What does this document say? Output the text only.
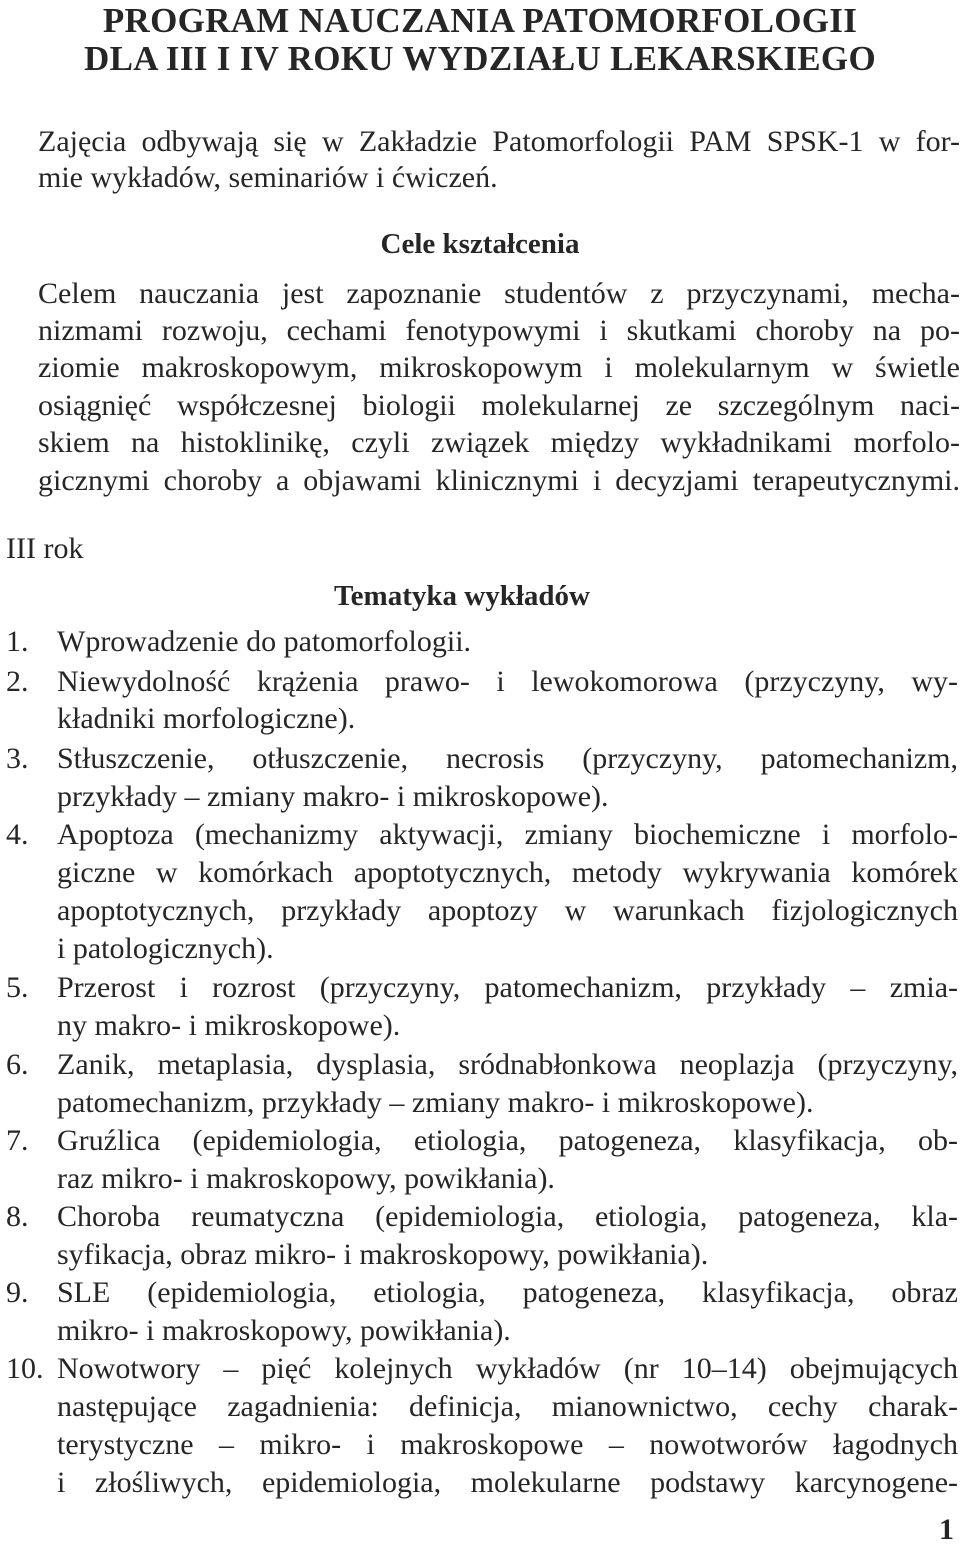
PROGRAM NAUCZANIA PATOMORFOLOGII
DLA III I IV ROKU WYDZIAŁU LEKARSKIEGO
Zajęcia odbywają się w Zakładzie Patomorfologii PAM SPSK-1 w for-
mie wykładów, seminariów i ćwiczeń.
Cele kształcenia
Celem nauczania jest zapoznanie studentów z przyczynami, mecha-
nizmami rozwoju, cechami fenotypowymi i skutkami choroby na po-
ziomie makroskopowym, mikroskopowym i molekularnym w świetle
osiągnięć współczesnej biologii molekularnej ze szczególnym naci-
skiem na histoklinikę, czyli związek między wykładnikami morfolo-
gicznymi choroby a objawami klinicznymi i decyzjami terapeutycznymi.
III rok
Tematyka wykładów
1. Wprowadzenie do patomorfologii.
2. Niewydolność krążenia prawo- i lewokomorowa (przyczyny, wy-
kładniki morfologiczne).
3. Stłuszczenie, otłuszczenie, necrosis (przyczyny, patomechanizm,
przykłady – zmiany makro- i mikroskopowe).
4. Apoptoza (mechanizmy aktywacji, zmiany biochemiczne i morfolo-
giczne w komórkach apoptotycznych, metody wykrywania komórek
apoptotycznych, przykłady apoptozy w warunkach fizjologicznych
i patologicznych).
5. Przerost i rozrost (przyczyny, patomechanizm, przykłady – zmia-
ny makro- i mikroskopowe).
6. Zanik, metaplasia, dysplasia, sródnabłonkowa neoplazja (przyczyny,
patomechanizm, przykłady – zmiany makro- i mikroskopowe).
7. Gruźlica (epidemiologia, etiologia, patogeneza, klasyfikacja, ob-
raz mikro- i makroskopowy, powikłania).
8. Choroba reumatyczna (epidemiologia, etiologia, patogeneza, kla-
syfikacja, obraz mikro- i makroskopowy, powikłania).
9. SLE (epidemiologia, etiologia, patogeneza, klasyfikacja, obraz
mikro- i makroskopowy, powikłania).
10. Nowotwory – pięć kolejnych wykładów (nr 10–14) obejmujących
następujące zagadnienia: definicja, mianownictwo, cechy charak-
terystyczne – mikro- i makroskopowe – nowotworów łagodnych
i złośliwych, epidemiologia, molekularne podstawy karcynogene-
1
